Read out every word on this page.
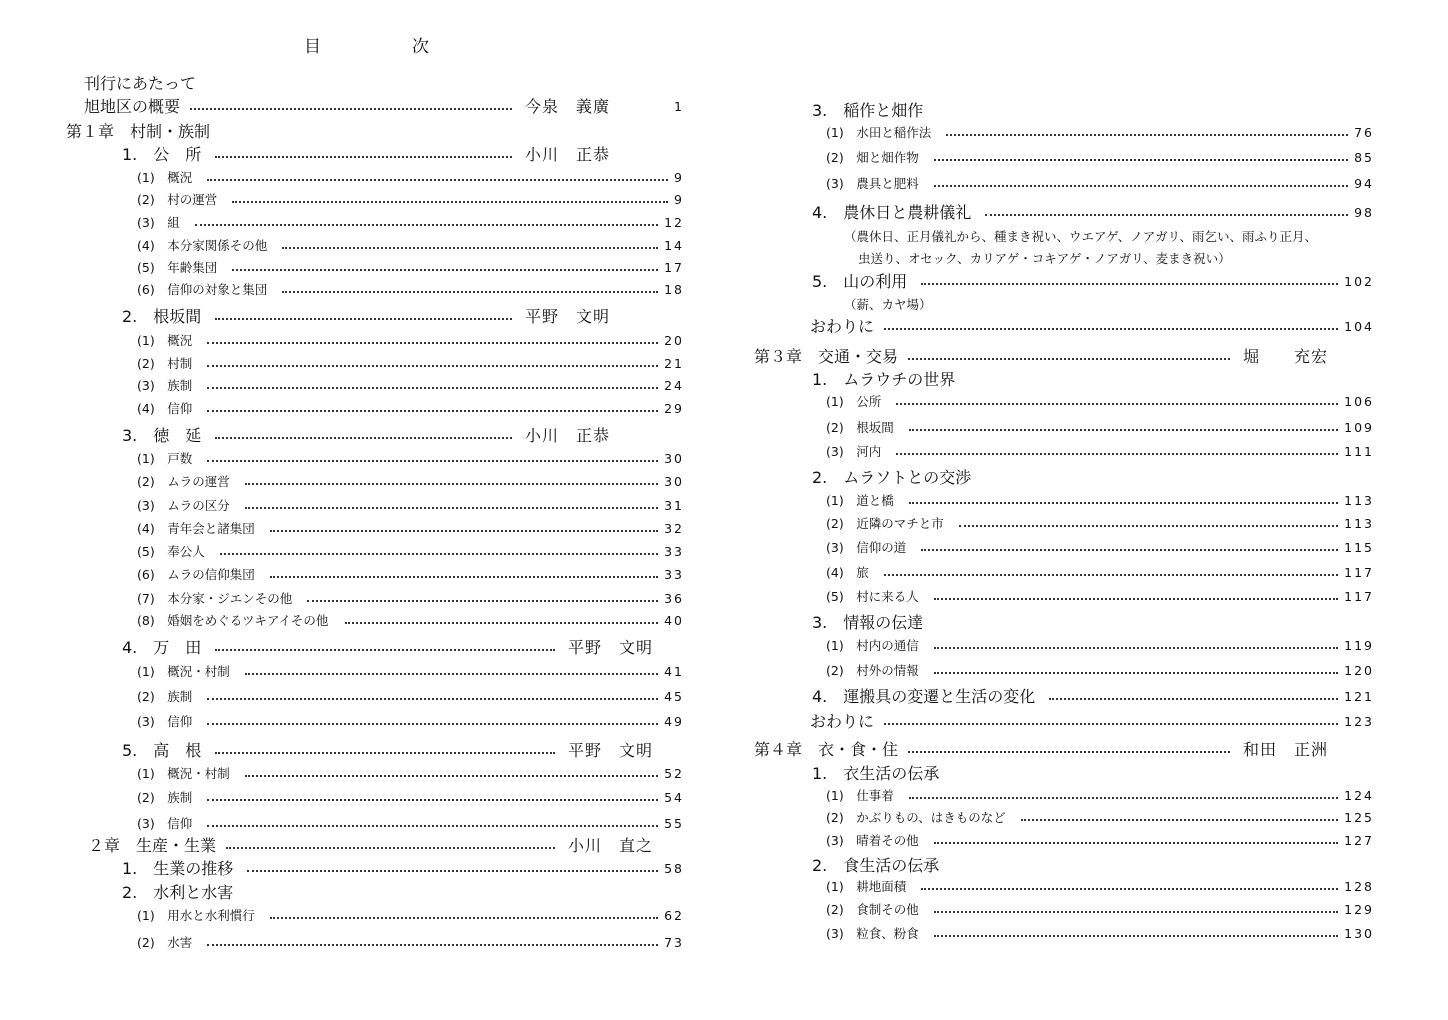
目	次
刊行にあたって
旭地区の概要	今泉　義廣	1
第１章　村制・族制
1.　公　所	小川　正恭
(1)　概況	9
(2)　村の運営	9
(3)　組	12
(4)　本分家関係その他	14
(5)　年齢集団	17
(6)　信仰の対象と集団	18
2.　根坂間	平野　文明
(1)　概況	20
(2)　村制	21
(3)　族制	24
(4)　信仰	29
3.　徳　延	小川　正恭
(1)　戸数	30
(2)　ムラの運営	30
(3)　ムラの区分	31
(4)　青年会と諸集団	32
(5)　奉公人	33
(6)　ムラの信仰集団	33
(7)　本分家・ジエンその他	36
(8)　婚姻をめぐるツキアイその他	40
4.　万　田	平野　文明
(1)　概況・村制	41
(2)　族制	45
(3)　信仰	49
5.　高　根	平野　文明
(1)　概況・村制	52
(2)　族制	54
(3)　信仰	55
２章　生産・生業	小川　直之
1.　生業の推移	58
2.　水利と水害
(1)　用水と水利慣行	62
(2)　水害	73
3.　稲作と畑作
(1)　水田と稲作法	76
(2)　畑と畑作物	85
(3)　農具と肥料	94
4.　農休日と農耕儀礼	98
（農休日、正月儀礼から、種まき祝い、ウエアゲ、ノアガリ、雨乞い、雨ふり正月、
虫送り、オセック、カリアゲ・コキアゲ・ノアガリ、麦まき祝い）
5.　山の利用	102
（薪、カヤ場）
おわりに	104
第３章　交通・交易	堀　　充宏
1.　ムラウチの世界
(1)　公所	106
(2)　根坂間	109
(3)　河内	111
2.　ムラソトとの交渉
(1)　道と橋	113
(2)　近隣のマチと市	113
(3)　信仰の道	115
(4)　旅	117
(5)　村に来る人	117
3.　情報の伝達
(1)　村内の通信	119
(2)　村外の情報	120
4.　運搬具の変遷と生活の変化	121
おわりに	123
第４章　衣・食・住	和田　正洲
1.　衣生活の伝承
(1)　仕事着	124
(2)　かぶりもの、はきものなど	125
(3)　晴着その他	127
2.　食生活の伝承
(1)　耕地面積	128
(2)　食制その他	129
(3)　粒食、粉食	130
